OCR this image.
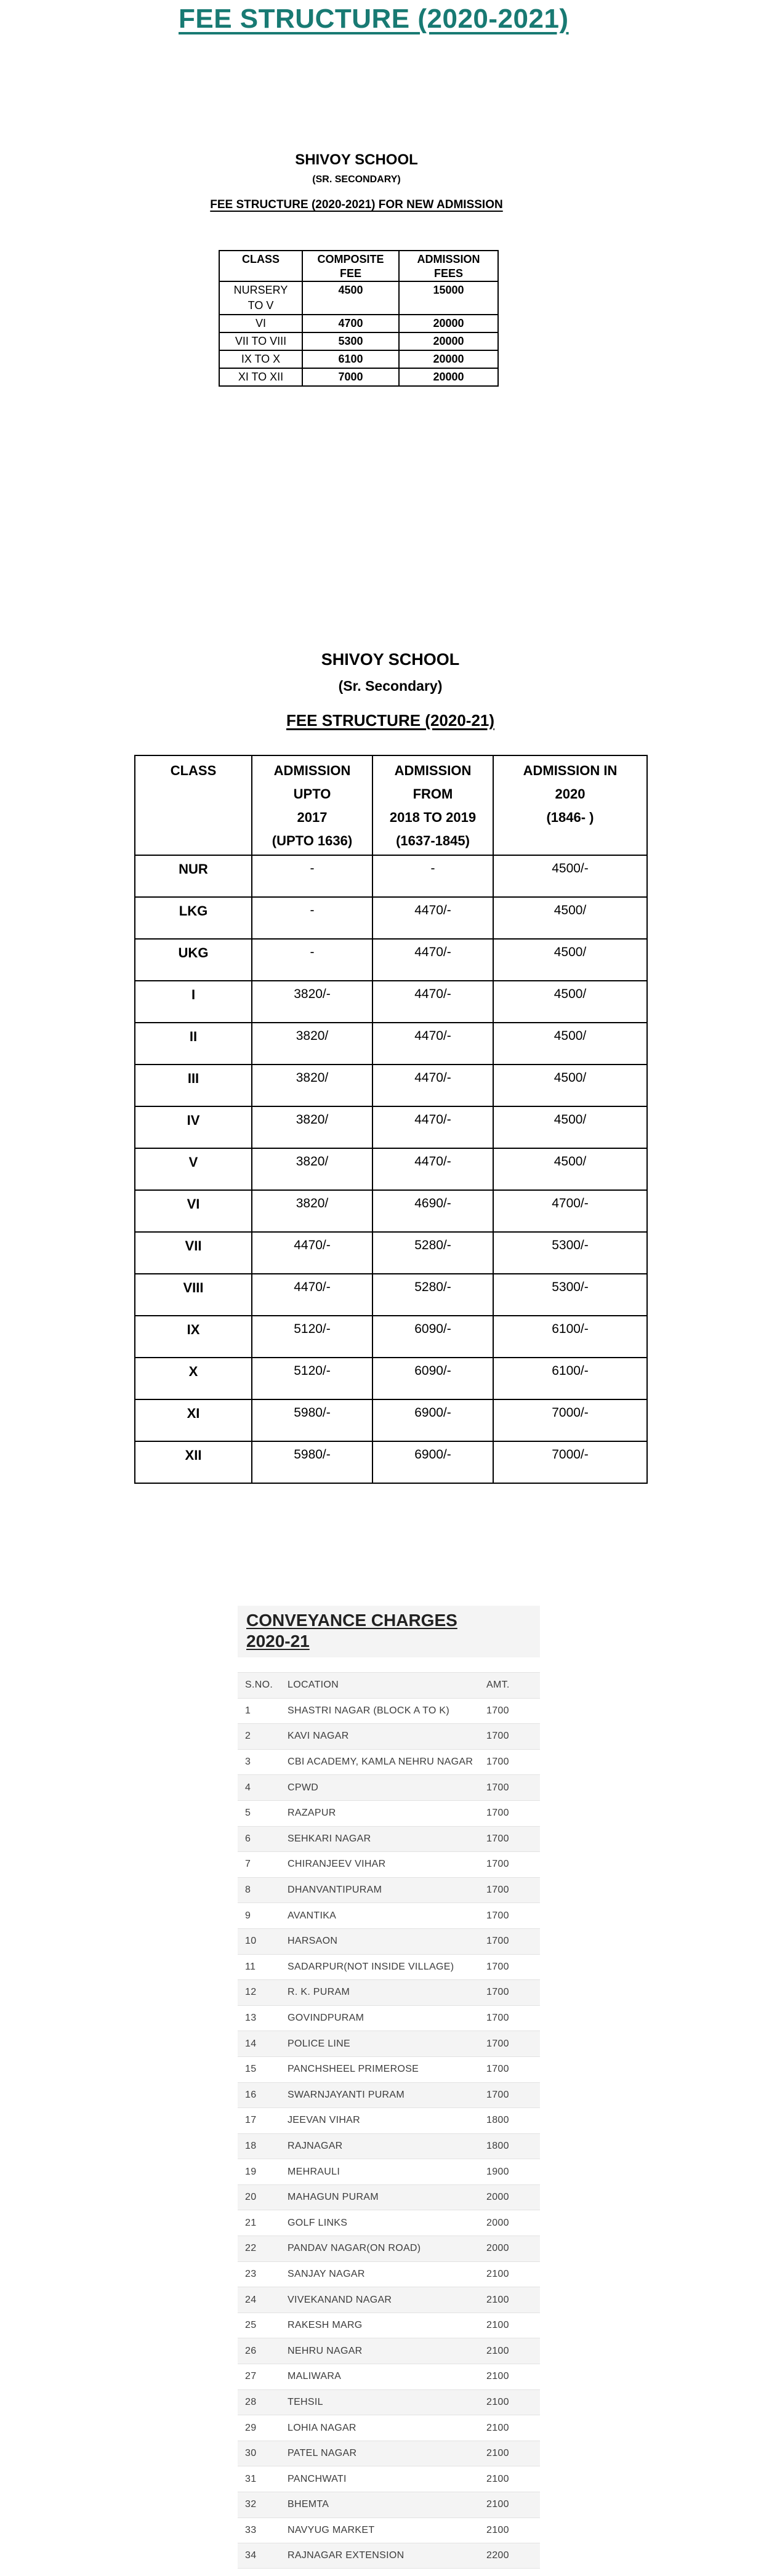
FEE STRUCTURE (2020-2021)
SHIVOY SCHOOL
(SR. SECONDARY)
FEE STRUCTURE (2020-2021) FOR NEW ADMISSION
CLASS	COMPOSITE FEE	ADMISSION
FEES

NURSERY TO V	4500	15000
VI	4700	20000
VII TO VIII	5300	20000
IX TO X	6100	20000
XI TO XII	7000	20000
SHIVOY SCHOOL
(Sr. Secondary)
FEE STRUCTURE (2020-21)
CLASS	ADMISSION
UPTO
2017
(UPTO 1636)

ADMISSION
FROM
2018 TO 2019
(1637-1845)

ADMISSION IN
2020
(1846- )

NUR	-	-	4500/-
LKG	-	4470/-	4500/
UKG	-	4470/-	4500/
I	3820/-	4470/-	4500/
II	3820/	4470/-	4500/
III	3820/	4470/-	4500/
IV	3820/	4470/-	4500/
V	3820/	4470/-	4500/
VI	3820/	4690/-	4700/-
VII	4470/-	5280/-	5300/-
VIII	4470/-	5280/-	5300/-
IX	5120/-	6090/-	6100/-
X	5120/-	6090/-	6100/-
XI	5980/-	6900/-	7000/-
XII	5980/-	6900/-	7000/-
CONVEYANCE CHARGES
2020-21
S.NO.	LOCATION	AMT.
1	SHASTRI NAGAR (BLOCK A TO K)	1700
2	KAVI NAGAR	1700
3	CBI ACADEMY, KAMLA NEHRU NAGAR	1700
4	CPWD	1700
5	RAZAPUR	1700
6	SEHKARI NAGAR	1700
7	CHIRANJEEV VIHAR	1700
8	DHANVANTIPURAM	1700
9	AVANTIKA	1700
10	HARSAON	1700
11	SADARPUR(NOT INSIDE VILLAGE)	1700
12	R. K. PURAM	1700
13	GOVINDPURAM	1700
14	POLICE LINE	1700
15	PANCHSHEEL PRIMEROSE	1700
16	SWARNJAYANTI PURAM	1700
17	JEEVAN VIHAR	1800
18	RAJNAGAR	1800
19	MEHRAULI	1900
20	MAHAGUN PURAM	2000
21	GOLF LINKS	2000
22	PANDAV NAGAR(ON ROAD)	2000
23	SANJAY NAGAR	2100
24	VIVEKANAND NAGAR	2100
25	RAKESH MARG	2100
26	NEHRU NAGAR	2100
27	MALIWARA	2100
28	TEHSIL	2100
29	LOHIA NAGAR	2100
30	PATEL NAGAR	2100
31	PANCHWATI	2100
32	BHEMTA	2100
33	NAVYUG MARKET	2100
34	RAJNAGAR EXTENSION	2200
